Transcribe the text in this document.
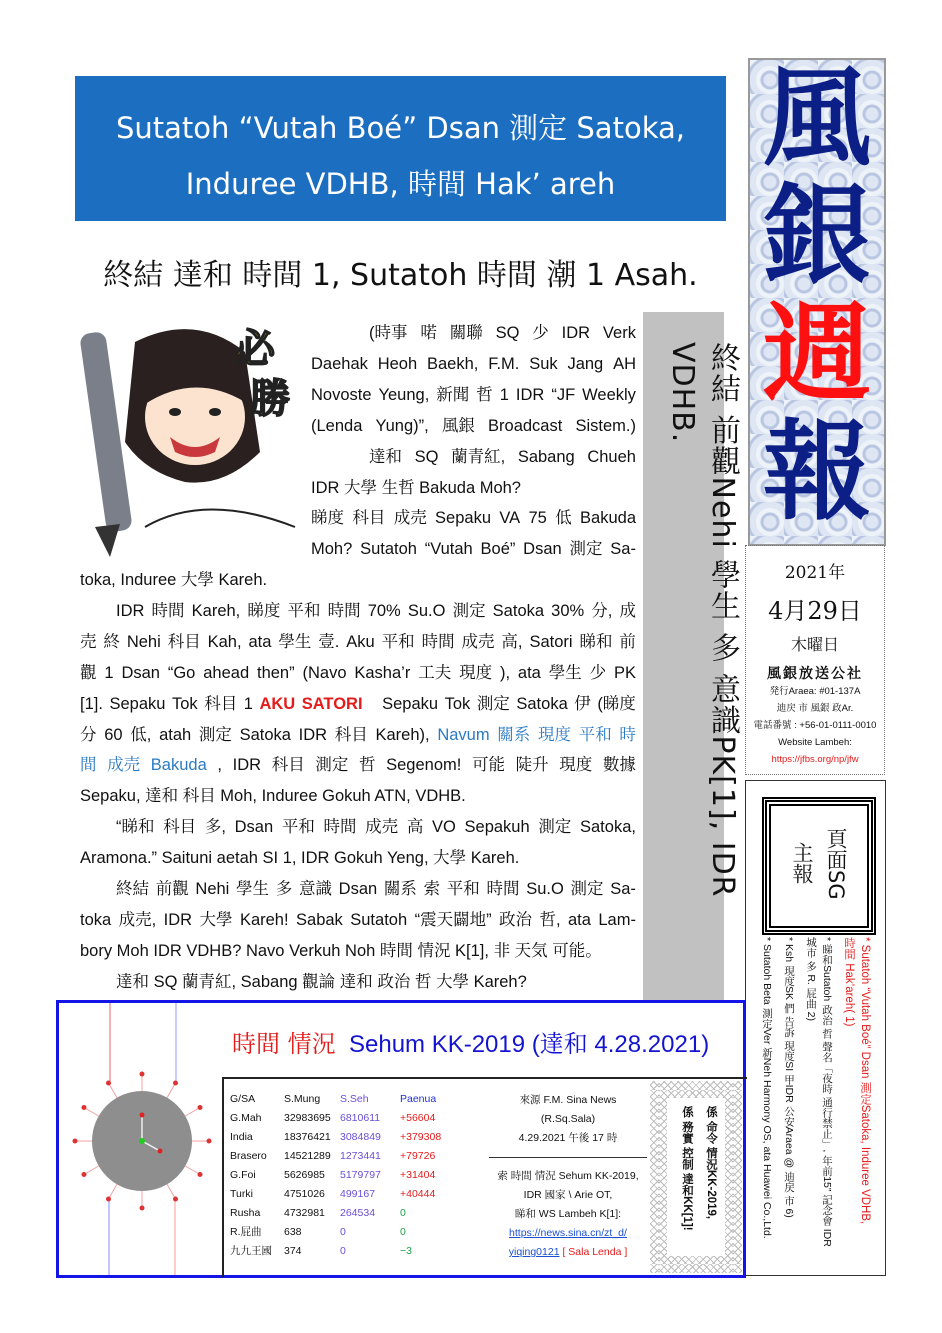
Sutatoh “Vutah Boé” Dsan 測定 Satoka,
Induree VDHB, 時間 Hak’ areh
終結 達和 時間 1, Sutatoh 時間 潮 1 Asah.
必
勝
(時事 喏 關聯 SQ 少 IDR Verk
Daehak Heoh Baekh, F.M. Suk Jang AH
Novoste Yeung, 新聞 哲 1 IDR “JF Weekly
(Lenda Yung)”, 風銀 Broadcast Sistem.)
達和 SQ 蘭青紅, Sabang Chueh
IDR 大學 生哲 Bakuda Moh?
睇度 科目 成売 Sepaku VA 75 低 Bakuda
Moh? Sutatoh “Vutah Boé” Dsan 測定 Sa-
toka, Induree 大學 Kareh.
IDR 時間 Kareh, 睇度 平和 時間 70% Su.O 測定 Satoka 30% 分, 成
売 終 Nehi 科目 Kah, ata 學生 壹. Aku 平和 時間 成売 高, Satori 睇和 前
觀 1 Dsan “Go ahead then” (Navo Kasha’r 工夫 現度 ), ata 學生 少 PK
[1]. Sepaku Tok 科目 1 AKU SATORI Sepaku Tok 測定 Satoka 伊 (睇度
分 60 低, atah 測定 Satoka IDR 科目 Kareh), Navum 關系 現度 平和 時
間 成売 Bakuda , IDR 科目 測定 哲 Segenom! 可能 陡升 現度 數據
Sepaku, 達和 科目 Moh, Induree Gokuh ATN, VDHB.
“睇和 科目 多, Dsan 平和 時間 成売 高 VO Sepakuh 測定 Satoka,
Aramona.” Saituni aetah SI 1, IDR Gokuh Yeng, 大學 Kareh.
終結 前觀 Nehi 學生 多 意識 Dsan 關系 索 平和 時間 Su.O 測定 Sa-
toka 成売, IDR 大學 Kareh! Sabak Sutatoh “震天闢地” 政治 哲, ata Lam-
bory Moh IDR VDHB? Navo Verkuh Noh 時間 情況 K[1], 非 天気 可能。
達和 SQ 蘭青紅, Sabang 觀論 達和 政治 哲 大學 Kareh?
終結 前觀Nehi 學生 多 意識PK[1], IDR VDHB.
風
銀
週
報
2021年
4月29日
木曜日
風銀放送公社
発行Araea: #01-137A
迪戻 市 風銀 政Ar.
電話番號 : +56-01-0111-0010
Website Lambeh:
https://jfbs.org/np/jfw
頁面SG
主報
* Sutatoh “Vutah Boé” Dsan 測定Satoka, Induree VDHB,
時間 Hak’areh( 1)
* 睇和Sutatoh 政治 哲 聲名「夜時 通行禁止」, 年前15” 記念會 IDR
城市 多 R. 屁曲 2)
* Ksh 現度SK 們 告訴 現度SI 甲IDR 公安Araea @ 迪戻 市 6)
* Sutatoh Beta 測定Ver 新Neh Harmony OS, ata Huawei Co.,Ltd.
時間 情況 Sehum KK-2019 (達和 4.28.2021)
G/SA	S.Mung	S.Seh	Paenua
G.Mah	32983695	6810611	+56604
India	18376421	3084849	+379308
Brasero	14521289	1273441	+79726
G.Foi	5626985	5179797	+31404
Turki	4751026	499167	+40444
Rusha	4732981	264534	0
R.屁曲	638	0	0
九九王國	374	0	−3
來源 F.M. Sina News
(R.Sq.Sala)
4.29.2021 午後 17 時
索 時間 情況 Sehum KK-2019,
IDR 國家 \ Arie OT,
睇和 WS Lambeh K[1]:
https://news.sina.cn/zt_d/
yiqing0121 [ Sala Lenda ]
係 命令 情況KK-2019,
係 務實 控制 達和KK[1]!
